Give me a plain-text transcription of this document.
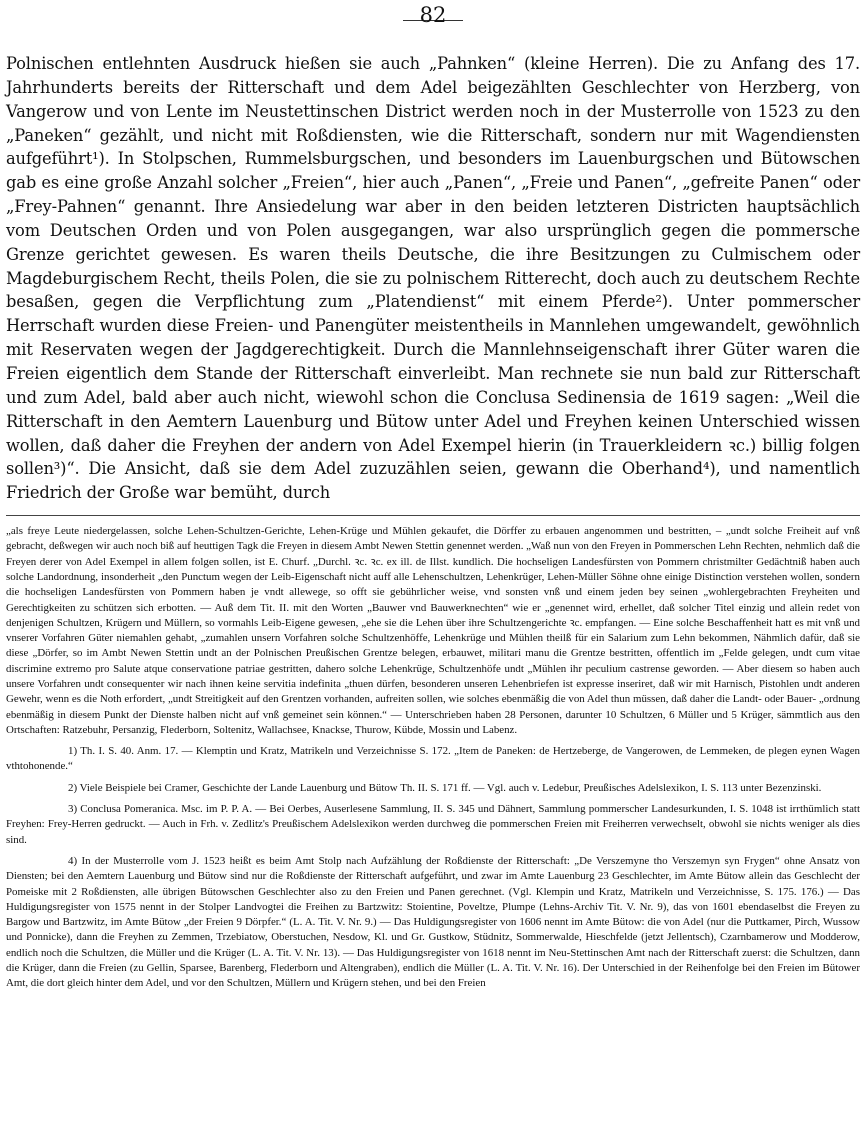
82

Polnischen entlehnten Ausdruck hießen sie auch „Pahnken“ (kleine Herren). Die zu Anfang des 17. Jahrhunderts bereits der Ritterschaft und dem Adel beigezählten Geschlechter von Herzberg, von Vangerow und von Lente im Neustettinschen District werden noch in der Musterrolle von 1523 zu den „Paneken“ gezählt, und nicht mit Roßdiensten, wie die Ritterschaft, sondern nur mit Wagendiensten aufgeführt¹). In Stolpschen, Rummelsburgschen, und besonders im Lauenburgschen und Bütowschen gab es eine große Anzahl solcher „Freien“, hier auch „Panen“, „Freie und Panen“, „gefreite Panen“ oder „Frey-Pahnen“ genannt. Ihre Ansiedelung war aber in den beiden letzteren Districten hauptsächlich vom Deutschen Orden und von Polen ausgegangen, war also ursprünglich gegen die pommersche Grenze gerichtet gewesen. Es waren theils Deutsche, die ihre Besitzungen zu Culmischem oder Magdeburgischem Recht, theils Polen, die sie zu polnischem Ritterecht, doch auch zu deutschem Rechte besaßen, gegen die Verpflichtung zum „Platendienst“ mit einem Pferde²). Unter pommerscher Herrschaft wurden diese Freien- und Panengüter meistentheils in Mannlehen umgewandelt, gewöhnlich mit Reservaten wegen der Jagdgerechtigkeit. Durch die Mannlehnseigenschaft ihrer Güter waren die Freien eigentlich dem Stande der Ritterschaft einverleibt. Man rechnete sie nun bald zur Ritterschaft und zum Adel, bald aber auch nicht, wiewohl schon die Conclusa Sedinensia de 1619 sagen: „Weil die Ritterschaft in den Aemtern Lauenburg und Bütow unter Adel und Freyhen keinen Unterschied wissen wollen, daß daher die Freyhen der andern von Adel Exempel hierin (in Trauerkleidern ꝛc.) billig folgen sollen³)“. Die Ansicht, daß sie dem Adel zuzuzählen seien, gewann die Oberhand⁴), und namentlich Friedrich der Große war bemüht, durch

„als freye Leute niedergelassen, solche Lehen-Schultzen-Gerichte, Lehen-Krüge und Mühlen gekaufet, die Dörffer zu erbauen angenommen und bestritten, – „undt solche Freiheit auf vnß gebracht, deßwegen wir auch noch biß auf heuttigen Tagk die Freyen in diesem Ambt Newen Stettin genennet werden. „Waß nun von den Freyen in Pommerschen Lehn Rechten, nehmlich daß die Freyen derer von Adel Exempel in allem folgen sollen, ist E. Churf. „Durchl. ꝛc. ꝛc. ex ill. de Illst. kundlich. Die hochseligen Landesfürsten von Pommern christmilter Gedächtniß haben auch solche Landordnung, insonderheit „den Punctum wegen der Leib-Eigenschaft nicht auff alle Lehenschultzen, Lehenkrüger, Lehen-Müller Söhne ohne einige Distinction verstehen wollen, sondern die hochseligen Landesfürsten von Pommern haben je vndt allewege, so offt sie gebührlicher weise, vnd sonsten vnß und einem jeden bey seinen „wohlergebrachten Freyheiten und Gerechtigkeiten zu schützen sich erbotten. — Auß dem Tit. II. mit den Worten „Bauwer vnd Bauwerknechten“ wie er „genennet wird, erhellet, daß solcher Titel einzig und allein redet von denjenigen Schultzen, Krügern und Müllern, so vormahls Leib-Eigene gewesen, „ehe sie die Lehen über ihre Schultzengerichte ꝛc. empfangen. — Eine solche Beschaffenheit hatt es mit vnß und vnserer Vorfahren Güter niemahlen gehabt, „zumahlen unsern Vorfahren solche Schultzenhöffe, Lehenkrüge und Mühlen theilß für ein Salarium zum Lehn bekommen, Nähmlich dafür, daß sie diese „Dörfer, so im Ambt Newen Stettin undt an der Polnischen Preußischen Grentze belegen, erbauwet, militari manu die Grentze bestritten, offentlich im „Felde gelegen, undt cum vitae discrimine extremo pro Salute atque conservatione patriae gestritten, dahero solche Lehenkrüge, Schultzenhöfe undt „Mühlen ihr peculium castrense geworden. — Aber diesem so haben auch unsere Vorfahren undt consequenter wir nach ihnen keine servitia indefinita „thuen dürfen, besonderen unseren Lehenbriefen ist expresse inseriret, daß wir mit Harnisch, Pistohlen undt anderen Gewehr, wenn es die Noth erfordert, „undt Streitigkeit auf den Grentzen vorhanden, aufreiten sollen, wie solches ebenmäßig die von Adel thun müssen, daß daher die Landt- oder Bauer- „ordnung ebenmäßig in diesem Punkt der Dienste halben nicht auf vnß gemeinet sein können.“ — Unterschrieben haben 28 Personen, darunter 10 Schultzen, 6 Müller und 5 Krüger, sämmtlich aus den Ortschaften: Ratzebuhr, Persanzig, Flederborn, Soltenitz, Wallachsee, Knackse, Thurow, Kübde, Mossin und Labenz.

1) Th. I. S. 40. Anm. 17. — Klemptin und Kratz, Matrikeln und Verzeichnisse S. 172. „Item de Paneken: de Hertzeberge, de Vangerowen, de Lemmeken, de plegen eynen Wagen vthtohonende.“

2) Viele Beispiele bei Cramer, Geschichte der Lande Lauenburg und Bütow Th. II. S. 171 ff. — Vgl. auch v. Ledebur, Preußisches Adelslexikon, I. S. 113 unter Bezenzinski.

3) Conclusa Pomeranica. Msc. im P. P. A. — Bei Oerbes, Auserlesene Sammlung, II. S. 345 und Dähnert, Sammlung pommerscher Landesurkunden, I. S. 1048 ist irrthümlich statt Freyhen: Frey-Herren gedruckt. — Auch in Frh. v. Zedlitz's Preußischem Adelslexikon werden durchweg die pommerschen Freien mit Freiherren verwechselt, obwohl sie nichts weniger als dies sind.

4) In der Musterrolle vom J. 1523 heißt es beim Amt Stolp nach Aufzählung der Roßdienste der Ritterschaft: „De Verszemyne tho Verszemyn syn Frygen“ ohne Ansatz von Diensten; bei den Aemtern Lauenburg und Bütow sind nur die Roßdienste der Ritterschaft aufgeführt, und zwar im Amte Lauenburg 23 Geschlechter, im Amte Bütow allein das Geschlecht der Pomeiske mit 2 Roßdiensten, alle übrigen Bütowschen Geschlechter also zu den Freien und Panen gerechnet. (Vgl. Klempin und Kratz, Matrikeln und Verzeichnisse, S. 175. 176.) — Das Huldigungsregister von 1575 nennt in der Stolper Landvogtei die Freihen zu Bartzwitz: Stoientine, Poveltze, Plumpe (Lehns-Archiv Tit. V. Nr. 9), das von 1601 ebendaselbst die Freyen zu Bargow und Bartzwitz, im Amte Bütow „der Freien 9 Dörpfer.“ (L. A. Tit. V. Nr. 9.) — Das Huldigungsregister von 1606 nennt im Amte Bütow: die von Adel (nur die Puttkamer, Pirch, Wussow und Ponnicke), dann die Freyhen zu Zemmen, Trzebiatow, Oberstuchen, Nesdow, Kl. und Gr. Gustkow, Stüdnitz, Sommerwalde, Hieschfelde (jetzt Jellentsch), Czarnbamerow und Modderow, endlich noch die Schultzen, die Müller und die Krüger (L. A. Tit. V. Nr. 13). — Das Huldigungsregister von 1618 nennt im Neu-Stettinschen Amt nach der Ritterschaft zuerst: die Schultzen, dann die Krüger, dann die Freien (zu Gellin, Sparsee, Barenberg, Flederborn und Altengraben), endlich die Müller (L. A. Tit. V. Nr. 16). Der Unterschied in der Reihenfolge bei den Freien im Bütower Amt, die dort gleich hinter dem Adel, und vor den Schultzen, Müllern und Krügern stehen, und bei den Freien
